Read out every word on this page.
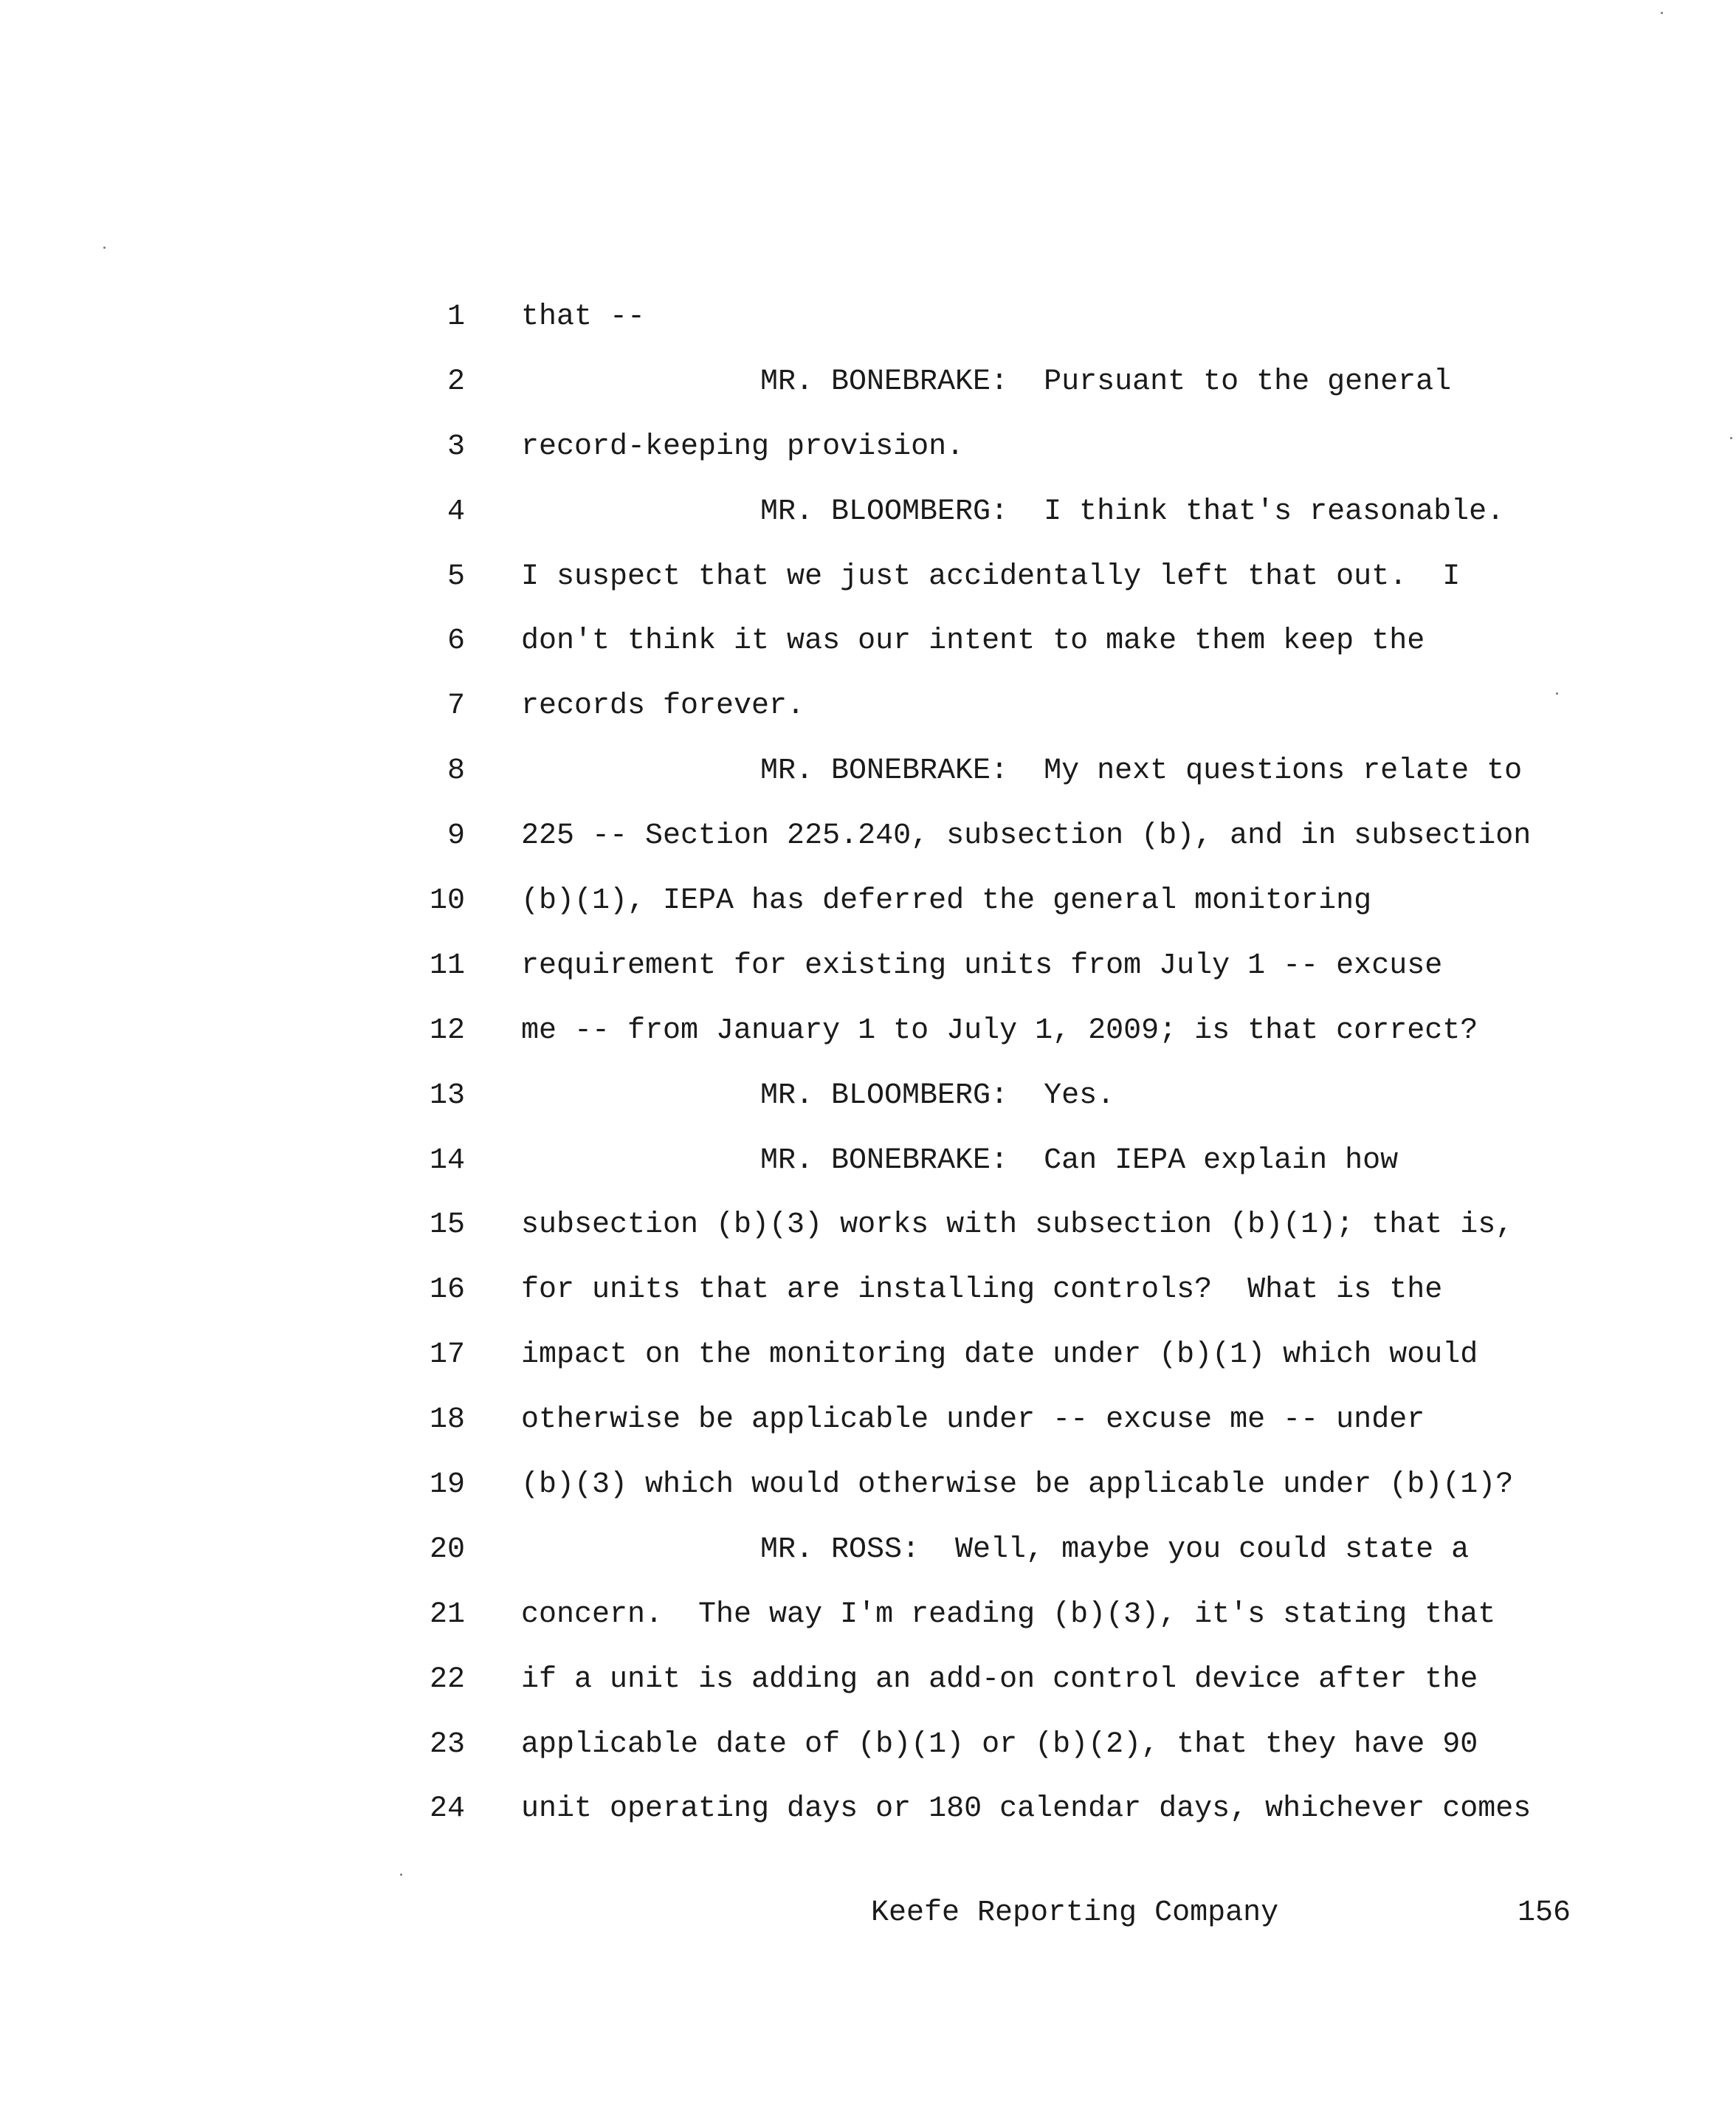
1 that --
2	MR. BONEBRAKE:  Pursuant to the general
3 record-keeping provision.
4	MR. BLOOMBERG:  I think that's reasonable.
5 I suspect that we just accidentally left that out.  I
6 don't think it was our intent to make them keep the
7 records forever.
8	MR. BONEBRAKE:  My next questions relate to
9 225 -- Section 225.240, subsection (b), and in subsection
10 (b)(1), IEPA has deferred the general monitoring
11 requirement for existing units from July 1 -- excuse
12 me -- from January 1 to July 1, 2009; is that correct?
13	MR. BLOOMBERG:  Yes.
14	MR. BONEBRAKE:  Can IEPA explain how
15 subsection (b)(3) works with subsection (b)(1); that is,
16 for units that are installing controls?  What is the
17 impact on the monitoring date under (b)(1) which would
18 otherwise be applicable under -- excuse me -- under
19 (b)(3) which would otherwise be applicable under (b)(1)?
20	MR. ROSS:  Well, maybe you could state a
21 concern.  The way I'm reading (b)(3), it's stating that
22 if a unit is adding an add-on control device after the
23 applicable date of (b)(1) or (b)(2), that they have 90
24 unit operating days or 180 calendar days, whichever comes
Keefe Reporting Company	156
